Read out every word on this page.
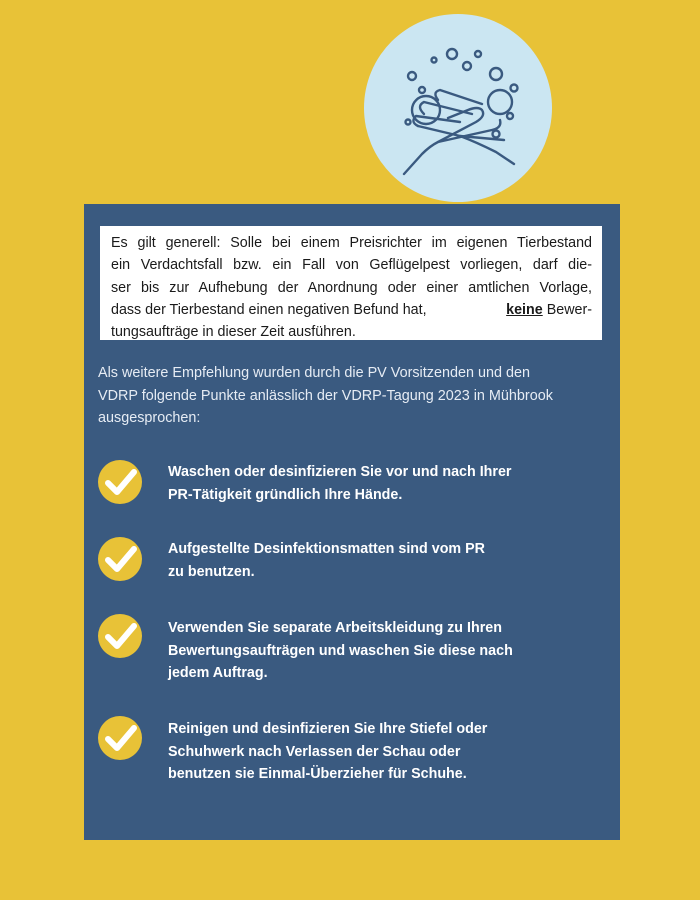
Es gilt generell: Solle bei einem Preisrichter im eigenen Tierbestand
ein Verdachtsfall bzw. ein Fall von Geflügelpest vorliegen, darf die-
ser bis zur Aufhebung der Anordnung oder einer amtlichen Vorlage,
dass der Tierbestand einen negativen Befund hat,	keine Bewer-
tungsaufträge in dieser Zeit ausführen.
Als weitere Empfehlung wurden durch die PV Vorsitzenden und den
VDRP folgende Punkte anlässlich der VDRP-Tagung 2023 in Mühbrook
ausgesprochen:
Waschen oder desinfizieren Sie vor und nach Ihrer
PR-Tätigkeit gründlich Ihre Hände.
Aufgestellte Desinfektionsmatten sind vom PR
zu benutzen.
Verwenden Sie separate Arbeitskleidung zu Ihren
Bewertungsaufträgen und waschen Sie diese nach
jedem Auftrag.
Reinigen und desinfizieren Sie Ihre Stiefel oder
Schuhwerk nach Verlassen der Schau oder
benutzen sie Einmal-Überzieher für Schuhe.
